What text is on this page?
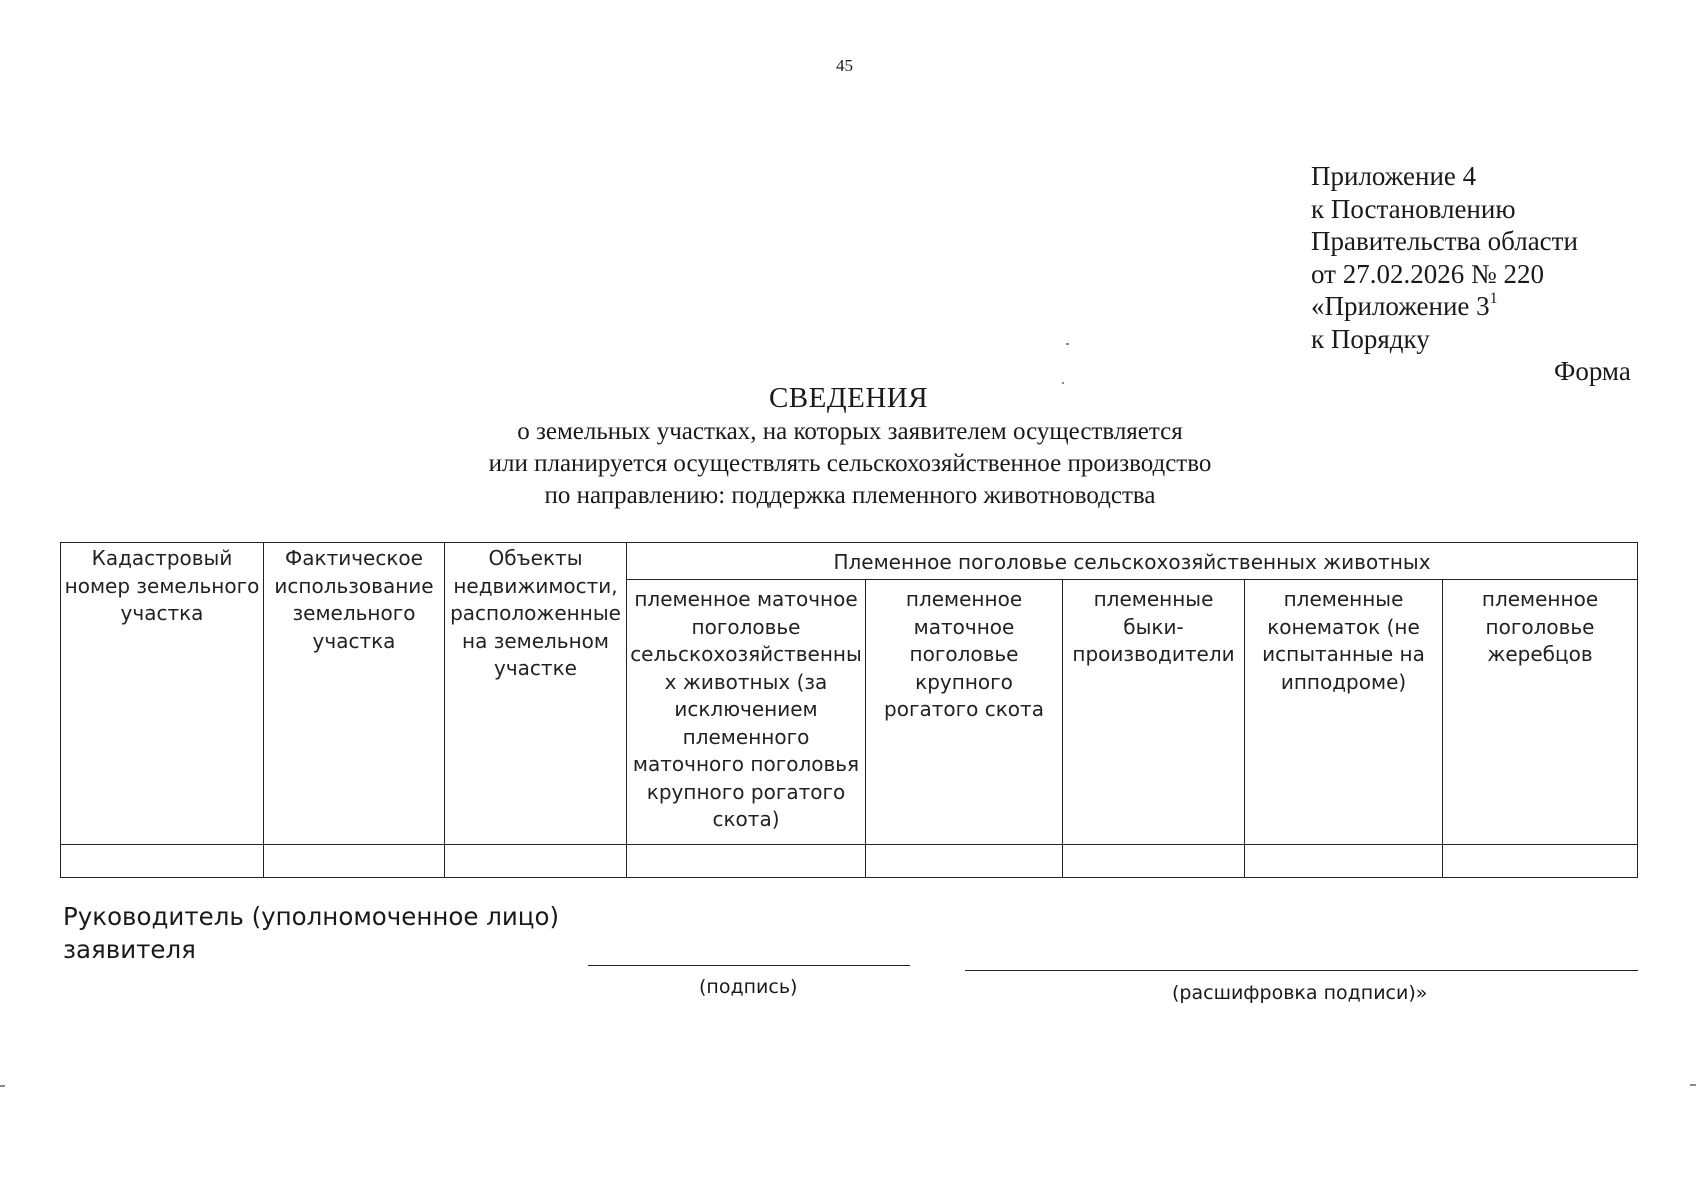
45
Приложение 4
к Постановлению
Правительства области
от 27.02.2026 № 220
«Приложение $3^1$
к Порядку
Форма
СВЕДЕНИЯ
о земельных участках, на которых заявителем осуществляется
или планируется осуществлять сельскохозяйственное производство
по направлению: поддержка племенного животноводства
Кадастровый номер земельного участка	Фактическое использование земельного участка	Объекты недвижимости, расположенные на земельном участке	Племенное поголовье сельскохозяйственных животных				
			племенное маточное поголовье сельскохозяйственны х животных (за исключением племенного маточного поголовья крупного рогатого скота)	племенное маточное поголовье крупного рогатого скота	племенные быки-производители	племенные конематок (не испытанные на ипподроме)	племенное поголовье жеребцов

Руководитель (уполномоченное лицо)
заявителя
(подпись)	(расшифровка подписи)»
